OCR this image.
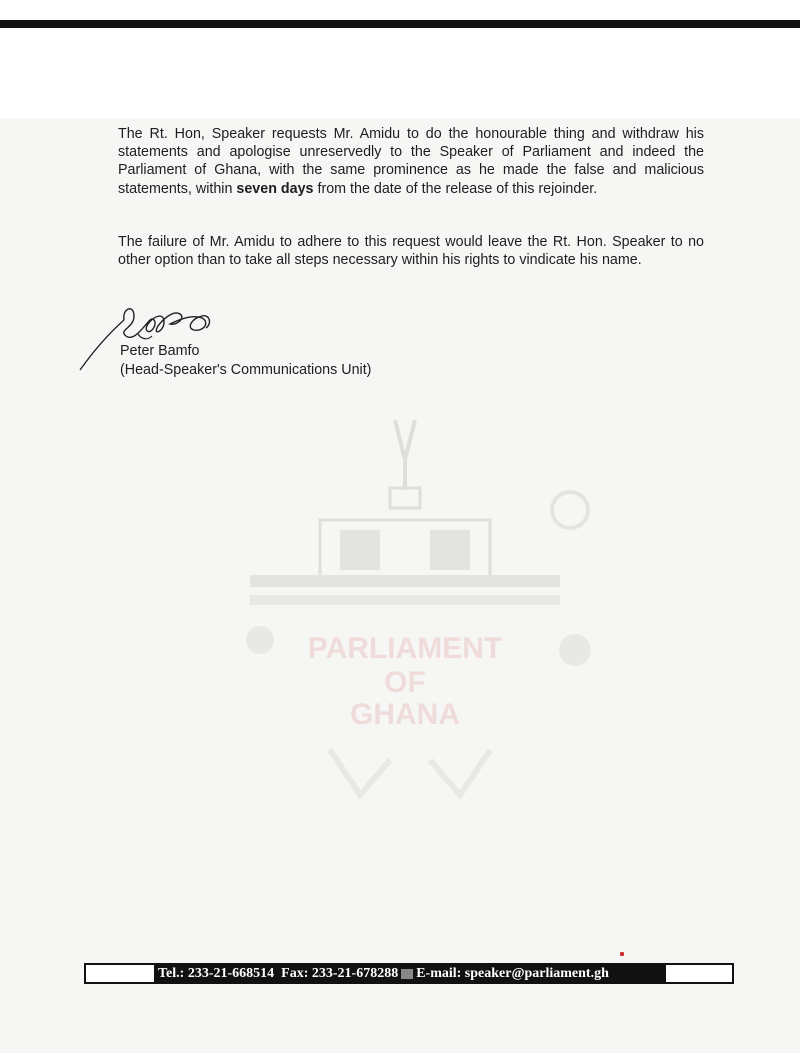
PARLIAMENT
OF
GHANA

The Rt. Hon, Speaker requests Mr. Amidu to do the honourable thing and withdraw his statements and apologise unreservedly to the Speaker of Parliament and indeed the Parliament of Ghana, with the same prominence as he made the false and malicious statements, within seven days from the date of the release of this rejoinder.

The failure of Mr. Amidu to adhere to this request would leave the Rt. Hon. Speaker to no other option than to take all steps necessary within his rights to vindicate his name.

Peter Bamfo

(Head-Speaker's Communications Unit)

Tel.: 233-21-668514 Fax: 233-21-678288 E-mail: speaker@parliament.gh
